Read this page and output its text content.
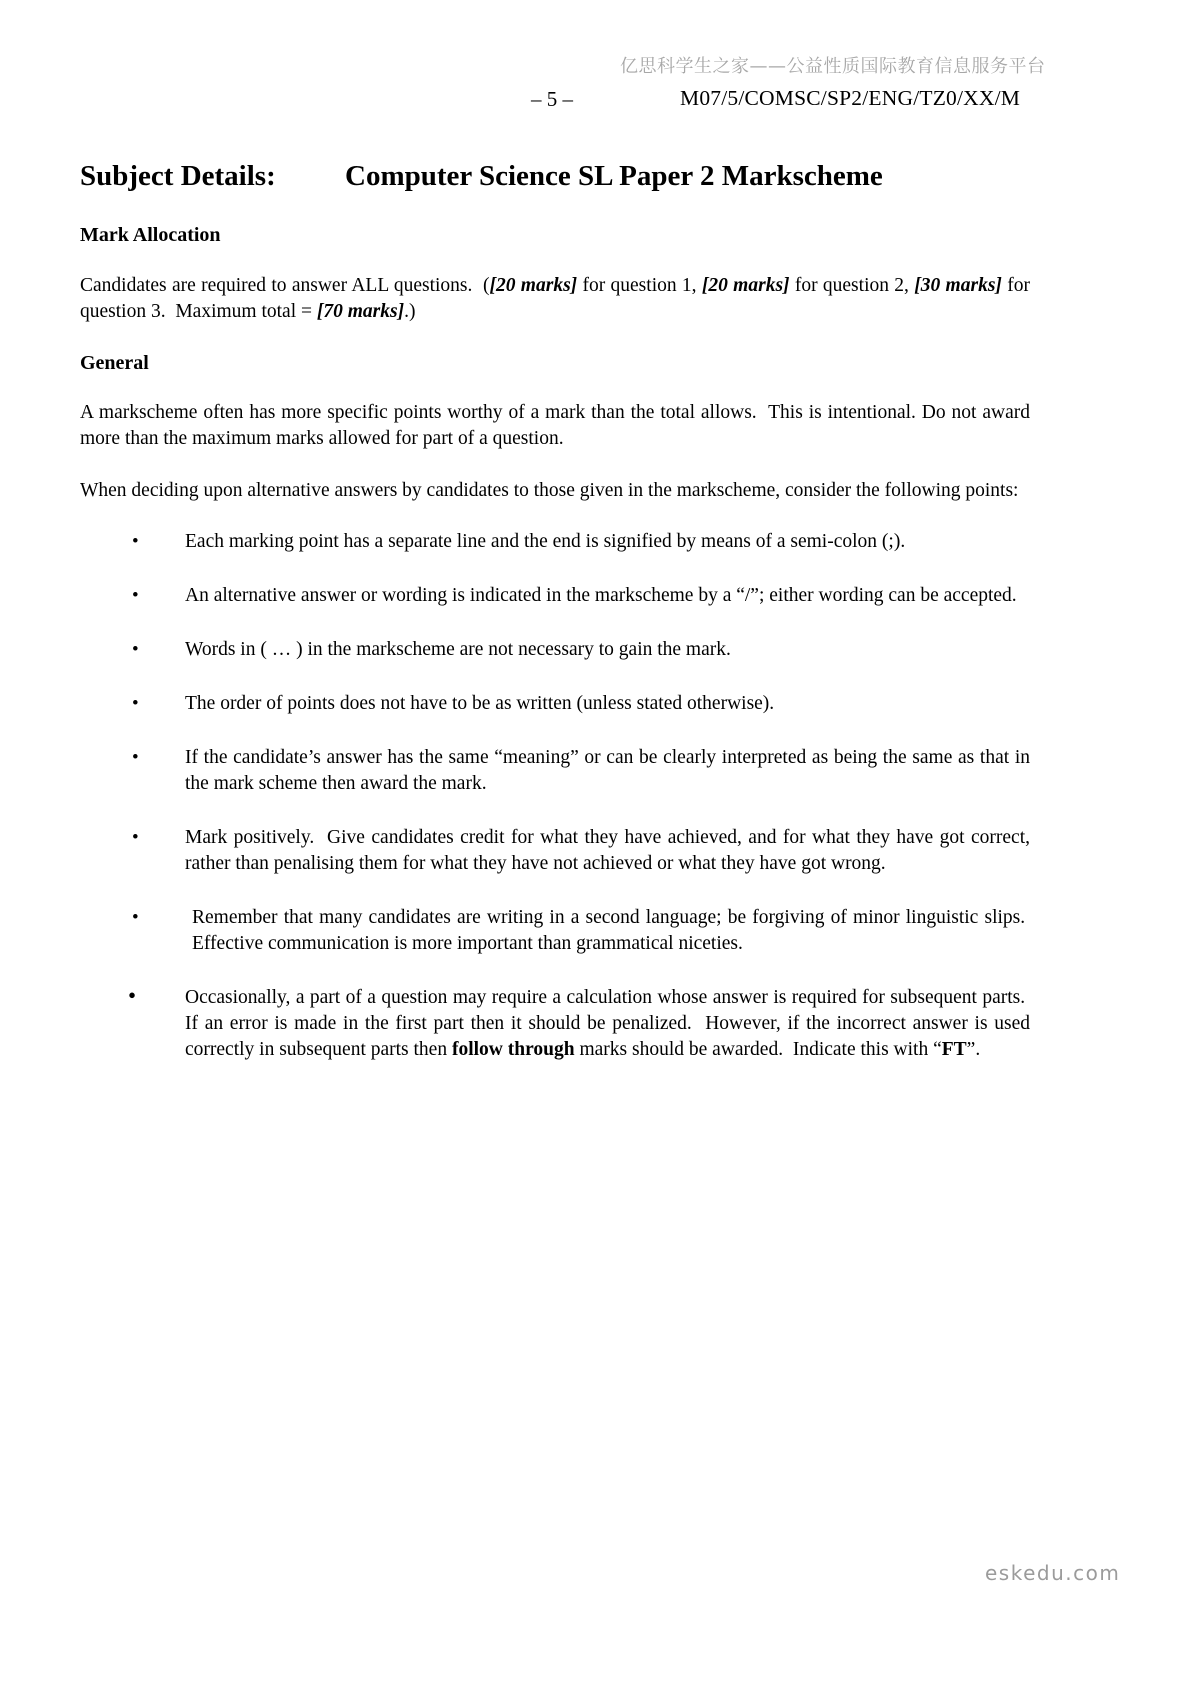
亿思科学生之家——公益性质国际教育信息服务平台
– 5 –	M07/5/COMSC/SP2/ENG/TZ0/XX/M
Subject Details: Computer Science SL Paper 2 Markscheme
Mark Allocation

Candidates are required to answer ALL questions.  ([20 marks] for question 1, [20 marks] for question 2, [30 marks] for question 3.  Maximum total = [70 marks].)

General

A markscheme often has more specific points worthy of a mark than the total allows.  This is intentional. Do not award more than the maximum marks allowed for part of a question.

When deciding upon alternative answers by candidates to those given in the markscheme, consider the following points:

• Each marking point has a separate line and the end is signified by means of a semi-colon (;).
• An alternative answer or wording is indicated in the markscheme by a “/”; either wording can be accepted.
• Words in ( … ) in the markscheme are not necessary to gain the mark.
• The order of points does not have to be as written (unless stated otherwise).
• If the candidate’s answer has the same “meaning” or can be clearly interpreted as being the same as that in the mark scheme then award the mark.
• Mark positively.  Give candidates credit for what they have achieved, and for what they have got correct, rather than penalising them for what they have not achieved or what they have got wrong.
•	Remember that many candidates are writing in a second language; be forgiving of minor linguistic slips.  Effective communication is more important than grammatical niceties.
•	Occasionally, a part of a question may require a calculation whose answer is required for subsequent parts.  If an error is made in the first part then it should be penalized.  However, if the incorrect answer is used correctly in subsequent parts then follow through marks should be awarded.  Indicate this with “FT”.
eskedu.com
